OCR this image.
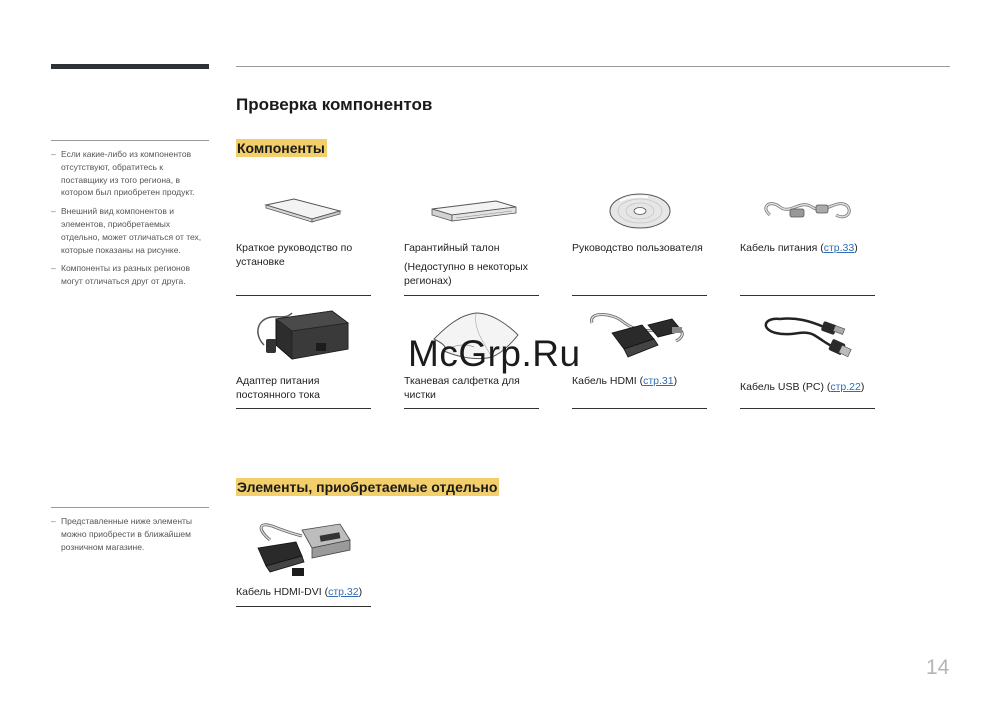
Проверка компонентов
Компоненты
Элементы, приобретаемые отдельно
– Если какие-либо из компонентов отсутствуют, обратитесь к поставщику из того региона, в котором был приобретен продукт.
– Внешний вид компонентов и элементов, приобретаемых отдельно, может отличаться от тех, которые показаны на рисунке.
– Компоненты из разных регионов могут отличаться друг от друга.
– Представленные ниже элементы можно приобрести в ближайшем розничном магазине.
Краткое руководство по
установке
Гарантийный талон
(Недоступно в некоторых
регионах)
Руководство пользователя	Кабель питания (стр.33)
Адаптер питания
постоянного тока
Тканевая салфетка для
чистки
Кабель HDMI (стр.31)	Кабель USB (PC) (стр.22)
Кабель HDMI-DVI (стр.32)
McGrp.Ru
14
